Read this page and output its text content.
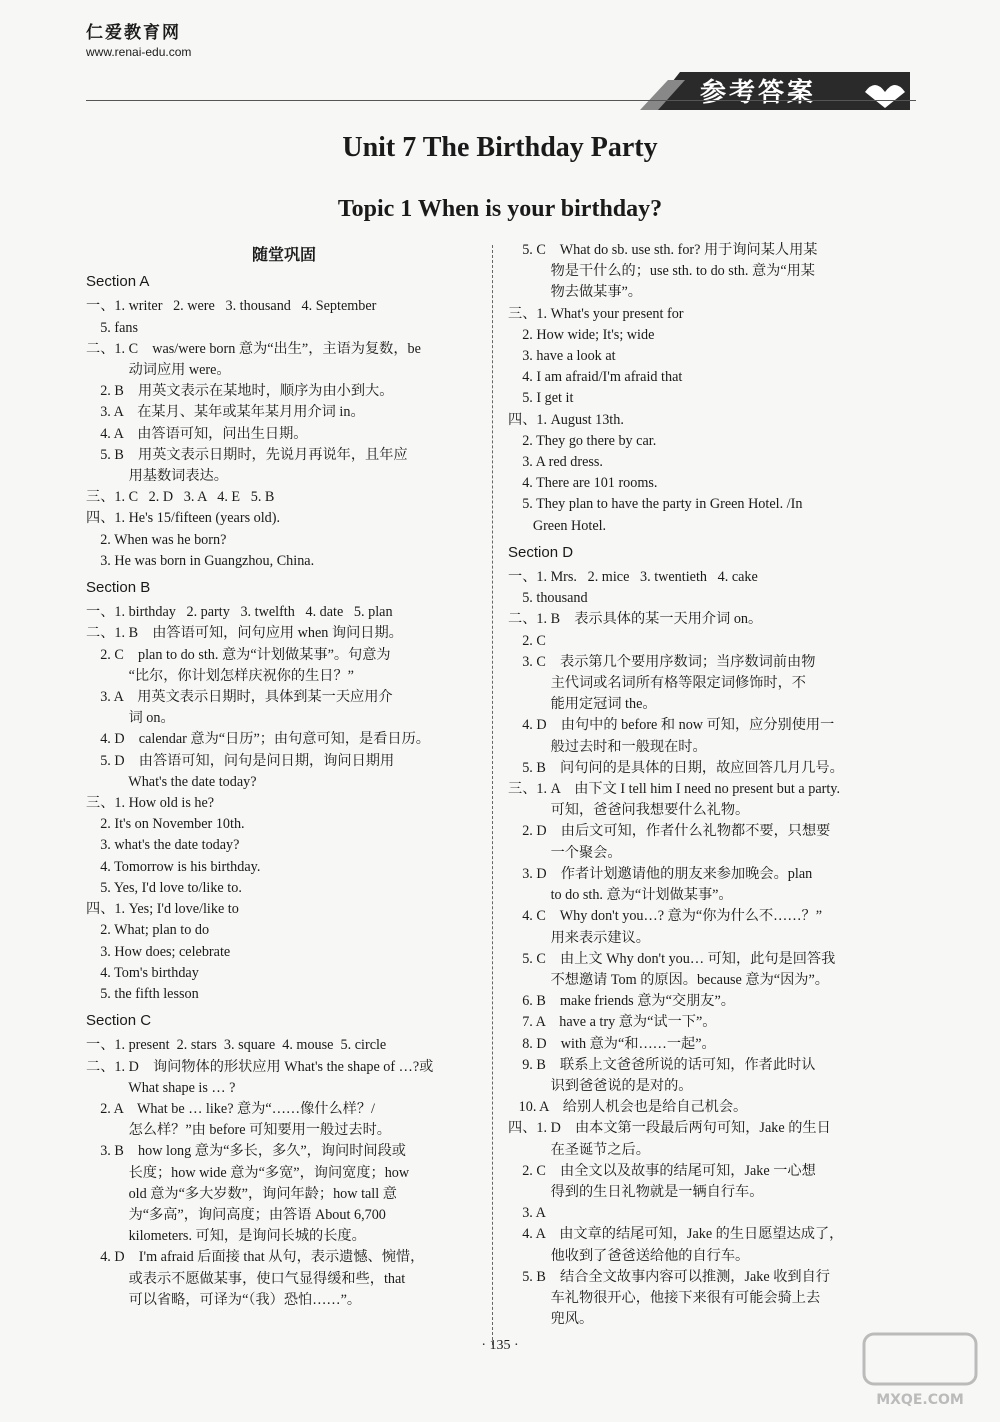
仁爱教育网
www.renai-edu.com
参考答案
Unit 7 The Birthday Party
Topic 1 When is your birthday?
随堂巩固
Section A
一、1. writer   2. were   3. thousand   4. September
5. fans
二、1. C    was/were born 意为“出生”，主语为复数，be
动词应用 were。
2. B    用英文表示在某地时，顺序为由小到大。
3. A    在某月、某年或某年某月用介词 in。
4. A    由答语可知，问出生日期。
5. B    用英文表示日期时，先说月再说年，且年应
用基数词表达。
三、1. C   2. D   3. A   4. E   5. B
四、1. He's 15/fifteen (years old).
2. When was he born?
3. He was born in Guangzhou, China.
Section B
一、1. birthday   2. party   3. twelfth   4. date   5. plan
二、1. B    由答语可知，问句应用 when 询问日期。
2. C    plan to do sth. 意为“计划做某事”。句意为
“比尔，你计划怎样庆祝你的生日？”
3. A    用英文表示日期时，具体到某一天应用介
词 on。
4. D    calendar 意为“日历”；由句意可知，是看日历。
5. D    由答语可知，问句是问日期，询问日期用
What's the date today?
三、1. How old is he?
2. It's on November 10th.
3. what's the date today?
4. Tomorrow is his birthday.
5. Yes, I'd love to/like to.
四、1. Yes; I'd love/like to
2. What; plan to do
3. How does; celebrate
4. Tom's birthday
5. the fifth lesson
Section C
一、1. present  2. stars  3. square  4. mouse  5. circle
二、1. D    询问物体的形状应用 What's the shape of …?或
What shape is … ?
2. A    What be … like? 意为“……像什么样？/
怎么样？”由 before 可知要用一般过去时。
3. B    how long 意为“多长，多久”，询问时间段或
长度；how wide 意为“多宽”，询问宽度；how
old 意为“多大岁数”，询问年龄；how tall 意
为“多高”，询问高度；由答语 About 6,700
kilometers. 可知，是询问长城的长度。
4. D    I'm afraid 后面接 that 从句，表示遗憾、惋惜，
或表示不愿做某事，使口气显得缓和些，that
可以省略，可译为“（我）恐怕……”。
5. C    What do sb. use sth. for? 用于询问某人用某
物是干什么的；use sth. to do sth. 意为“用某
物去做某事”。
三、1. What's your present for
2. How wide; It's; wide
3. have a look at
4. I am afraid/I'm afraid that
5. I get it
四、1. August 13th.
2. They go there by car.
3. A red dress.
4. There are 101 rooms.
5. They plan to have the party in Green Hotel. /In
Green Hotel.
Section D
一、1. Mrs.   2. mice   3. twentieth   4. cake
5. thousand
二、1. B    表示具体的某一天用介词 on。
2. C
3. C    表示第几个要用序数词；当序数词前由物
主代词或名词所有格等限定词修饰时，不
能用定冠词 the。
4. D    由句中的 before 和 now 可知，应分别使用一
般过去时和一般现在时。
5. B    问句问的是具体的日期，故应回答几月几号。
三、1. A    由下文 I tell him I need no present but a party.
可知，爸爸问我想要什么礼物。
2. D    由后文可知，作者什么礼物都不要，只想要
一个聚会。
3. D    作者计划邀请他的朋友来参加晚会。plan
to do sth. 意为“计划做某事”。
4. C    Why don't you…? 意为“你为什么不……？”
用来表示建议。
5. C    由上文 Why don't you… 可知，此句是回答我
不想邀请 Tom 的原因。because 意为“因为”。
6. B    make friends 意为“交朋友”。
7. A    have a try 意为“试一下”。
8. D    with 意为“和……一起”。
9. B    联系上文爸爸所说的话可知，作者此时认
识到爸爸说的是对的。
10. A    给别人机会也是给自己机会。
四、1. D    由本文第一段最后两句可知，Jake 的生日
在圣诞节之后。
2. C    由全文以及故事的结尾可知，Jake 一心想
得到的生日礼物就是一辆自行车。
3. A
4. A    由文章的结尾可知，Jake 的生日愿望达成了，
他收到了爸爸送给他的自行车。
5. B    结合全文故事内容可以推测，Jake 收到自行
车礼物很开心，他接下来很有可能会骑上去
兜风。
· 135 ·
MXQE.COM
